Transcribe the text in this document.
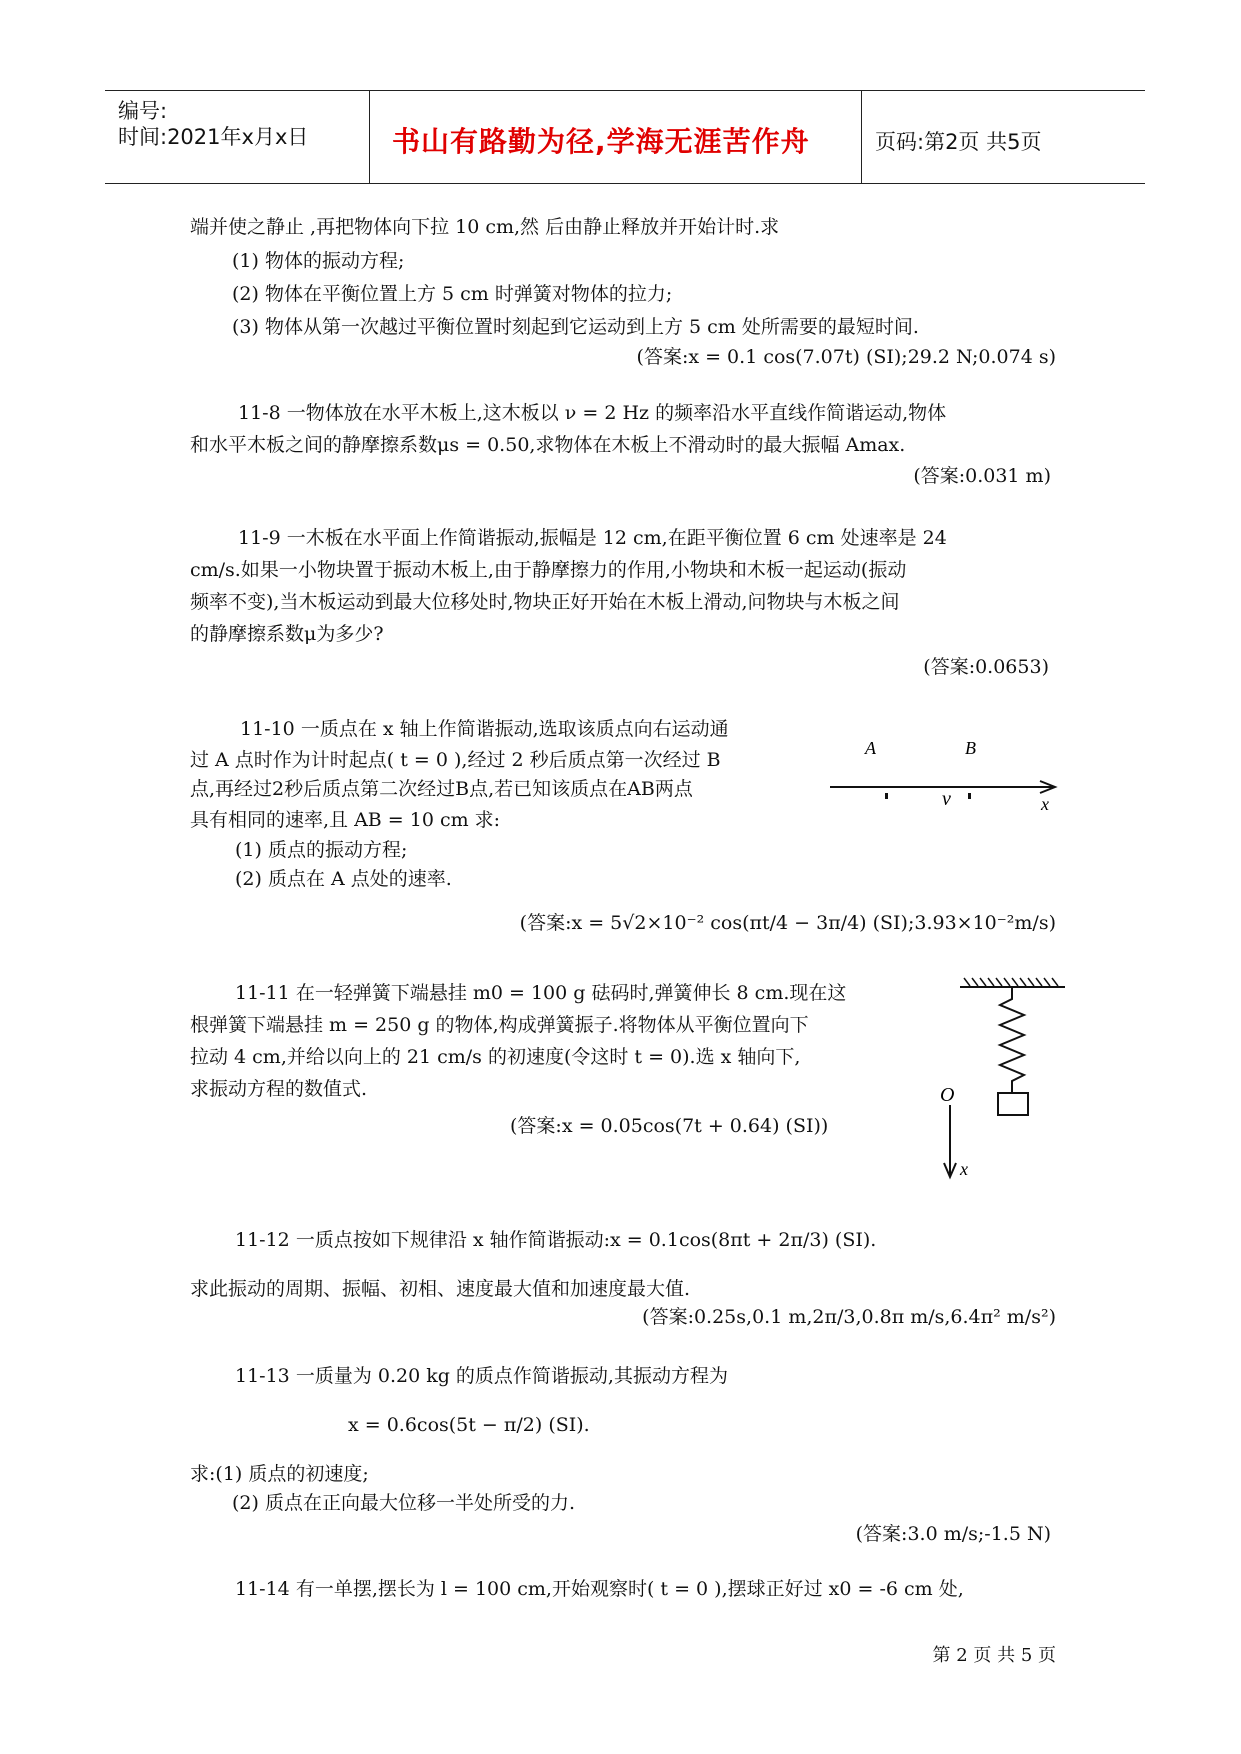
编号:
时间:2021年x月x日	书山有路勤为径,学海无涯苦作舟	页码:第2页 共5页
端并使之静止 ,再把物体向下拉 10 cm,然 后由静止释放并开始计时.求
(1) 物体的振动方程;
(2) 物体在平衡位置上方 5 cm 时弹簧对物体的拉力;
(3) 物体从第一次越过平衡位置时刻起到它运动到上方 5 cm 处所需要的最短时间.
(答案:x = 0.1 cos(7.07t) (SI);29.2 N;0.074 s)
11-8 一物体放在水平木板上,这木板以 ν = 2 Hz 的频率沿水平直线作简谐运动,物体
和水平木板之间的静摩擦系数μs = 0.50,求物体在木板上不滑动时的最大振幅 Amax.
(答案:0.031 m)
11-9 一木板在水平面上作简谐振动,振幅是 12 cm,在距平衡位置 6 cm 处速率是 24
cm/s.如果一小物块置于振动木板上,由于静摩擦力的作用,小物块和木板一起运动(振动
频率不变),当木板运动到最大位移处时,物块正好开始在木板上滑动,问物块与木板之间
的静摩擦系数μ为多少?
(答案:0.0653)
11-10 一质点在 x 轴上作简谐振动,选取该质点向右运动通
过 A 点时作为计时起点( t = 0 ),经过 2 秒后质点第一次经过 B
点,再经过2秒后质点第二次经过B点,若已知该质点在AB两点
具有相同的速率,且 AB = 10 cm 求:
(1) 质点的振动方程;
(2) 质点在 A 点处的速率.
(答案:x = 5√2×10⁻² cos(πt/4 − 3π/4) (SI);3.93×10⁻²m/s)
A	B
v	x
11-11 在一轻弹簧下端悬挂 m0 = 100 g 砝码时,弹簧伸长 8 cm.现在这
根弹簧下端悬挂 m = 250 g 的物体,构成弹簧振子.将物体从平衡位置向下
拉动 4 cm,并给以向上的 21 cm/s 的初速度(令这时 t = 0).选 x 轴向下,
求振动方程的数值式.
(答案:x = 0.05cos(7t + 0.64) (SI))
O
x
11-12 一质点按如下规律沿 x 轴作简谐振动:x = 0.1cos(8πt + 2π/3) (SI).
求此振动的周期、振幅、初相、速度最大值和加速度最大值.
(答案:0.25s,0.1 m,2π/3,0.8π m/s,6.4π² m/s²)
11-13 一质量为 0.20 kg 的质点作简谐振动,其振动方程为
x = 0.6cos(5t − π/2) (SI).
求:(1) 质点的初速度;
(2) 质点在正向最大位移一半处所受的力.
(答案:3.0 m/s;-1.5 N)
11-14 有一单摆,摆长为 l = 100 cm,开始观察时( t = 0 ),摆球正好过 x0 = -6 cm 处,
第 2 页 共 5 页
